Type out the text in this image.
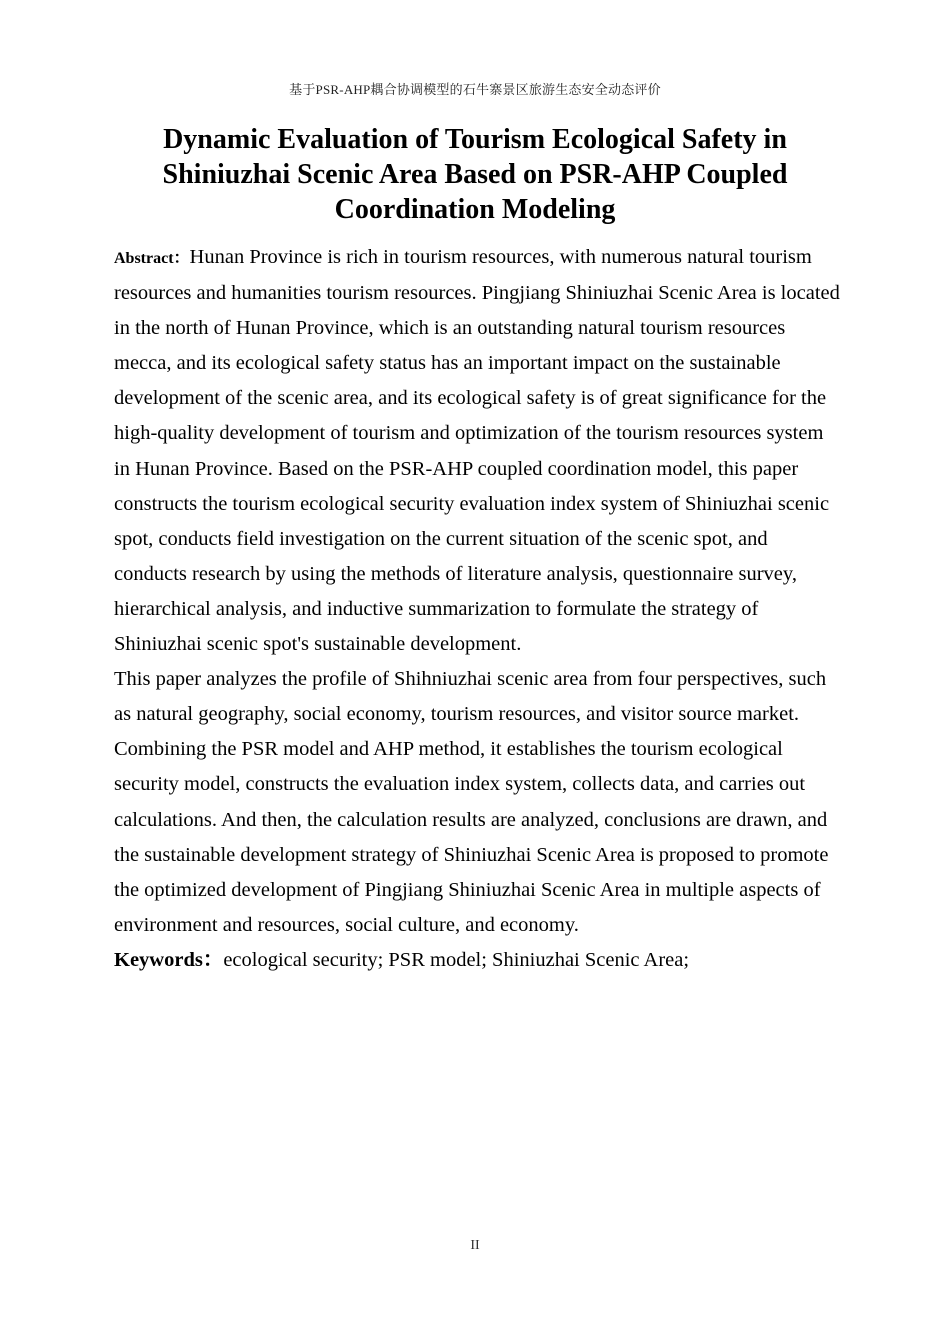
基于PSR-AHP耦合协调模型的石牛寨景区旅游生态安全动态评价
Dynamic Evaluation of Tourism Ecological Safety in
Shiniuzhai Scenic Area Based on PSR-AHP Coupled
Coordination Modeling

Abstract：Hunan Province is rich in tourism resources, with numerous natural tourism resources and humanities tourism resources. Pingjiang Shiniuzhai Scenic Area is located in the north of Hunan Province, which is an outstanding natural tourism resources mecca, and its ecological safety status has an important impact on the sustainable development of the scenic area, and its ecological safety is of great significance for the high-quality development of tourism and optimization of the tourism resources system in Hunan Province. Based on the PSR-AHP coupled coordination model, this paper constructs the tourism ecological security evaluation index system of Shiniuzhai scenic spot, conducts field investigation on the current situation of the scenic spot, and conducts research by using the methods of literature analysis, questionnaire survey, hierarchical analysis, and inductive summarization to formulate the strategy of Shiniuzhai scenic spot's sustainable development.

This paper analyzes the profile of Shihniuzhai scenic area from four perspectives, such as natural geography, social economy, tourism resources, and visitor source market. Combining the PSR model and AHP method, it establishes the tourism ecological security model, constructs the evaluation index system, collects data, and carries out calculations. And then, the calculation results are analyzed, conclusions are drawn, and the sustainable development strategy of Shiniuzhai Scenic Area is proposed to promote the optimized development of Pingjiang Shiniuzhai Scenic Area in multiple aspects of environment and resources, social culture, and economy.

Keywords：ecological security; PSR model; Shiniuzhai Scenic Area;

II
